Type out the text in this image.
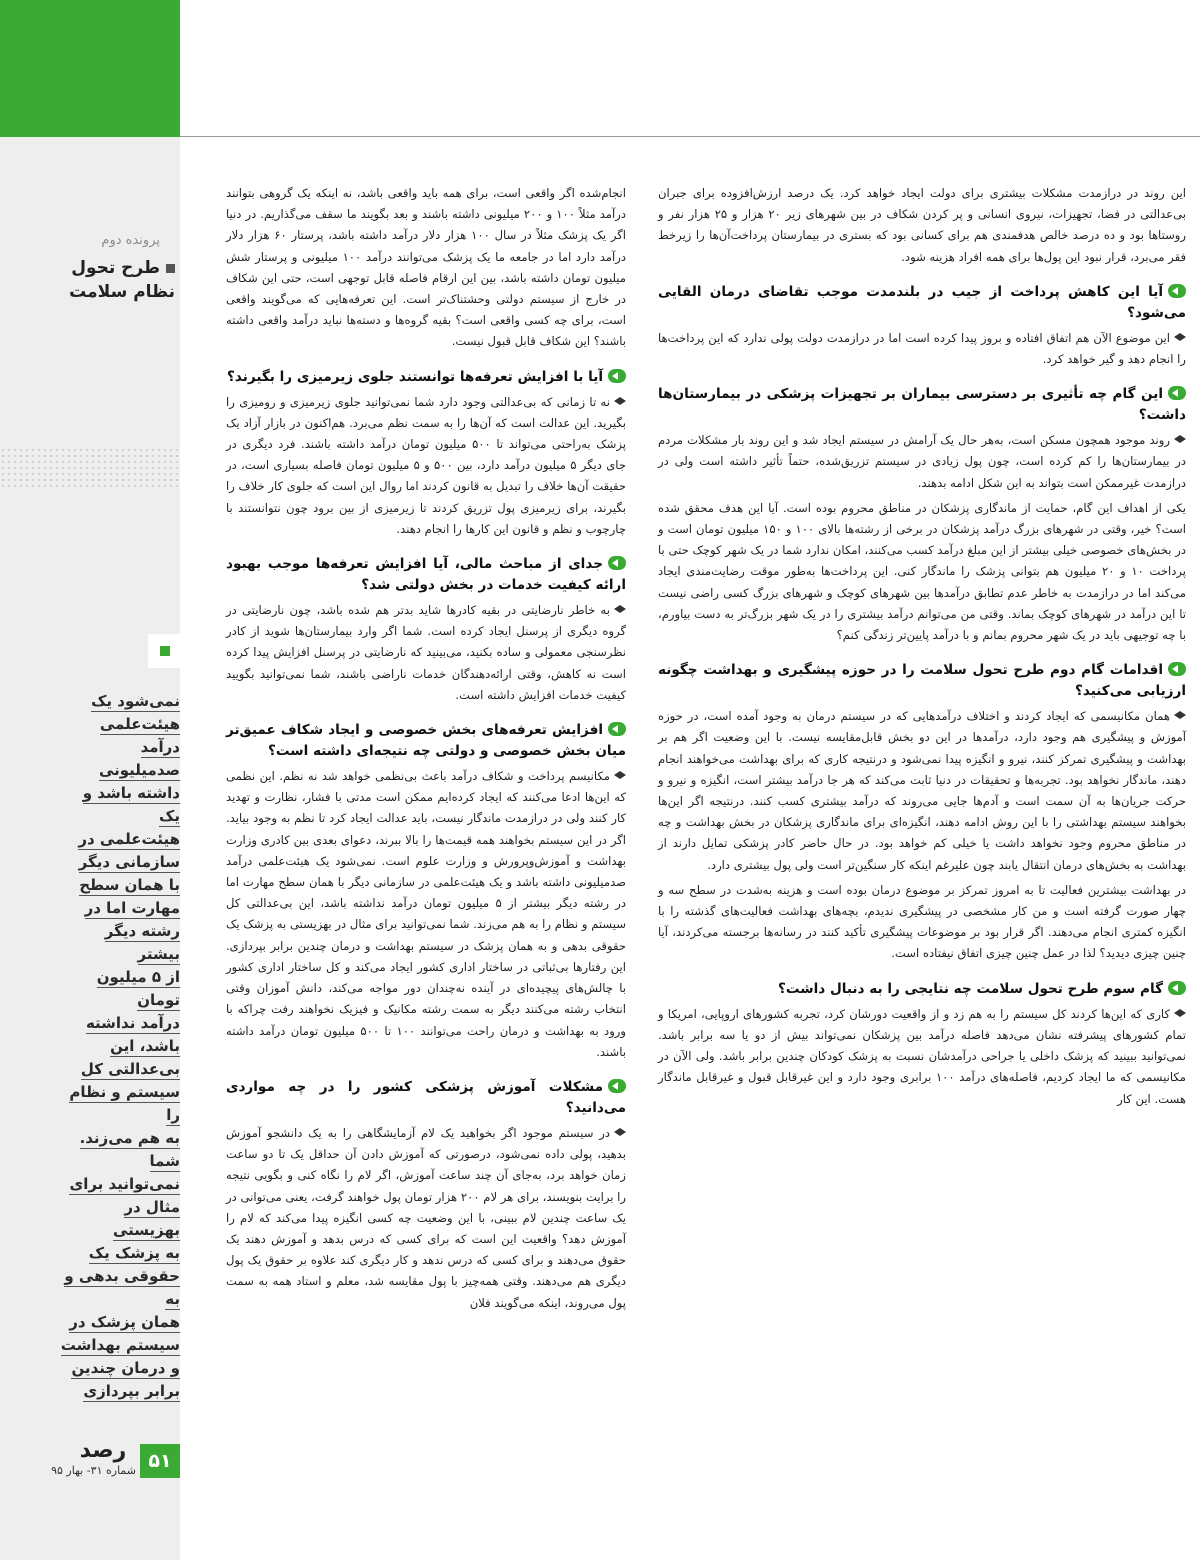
پرونده دوم
طرح تحول
نظام سلامت
نمی‌شود یک
هیئت‌علمی درآمد
صدمیلیونی
داشته باشد و یک
هیئت‌علمی در
سازمانی دیگر
با همان سطح
مهارت اما در
رشته دیگر بیشتر
از ۵ میلیون تومان
درآمد نداشته
باشد، این
بی‌عدالتی کل
سیستم و نظام را
به هم می‌زند. شما
نمی‌توانید برای
مثال در بهزیستی
به پزشک یک
حقوقی بدهی و به
همان پزشک در
سیستم بهداشت
و درمان چندین
برابر بپردازی
۵۱
رصد
شماره ۳۱- بهار ۹۵

این روند در درازمدت مشکلات بیشتری برای دولت ایجاد خواهد کرد. یک درصد ارزش‌افزوده برای جبران بی‌عدالتی در فضا، تجهیزات، نیروی انسانی و پر کردن شکاف در بین شهرهای زیر ۲۰ هزار و ۲۵ هزار نفر و روستاها بود و ده درصد خالص هدفمندی هم برای کسانی بود که بستری در بیمارستان پرداخت‌آن‌ها را زیرخط فقر می‌برد، قرار نبود این پول‌ها برای همه افراد هزینه شود.

آیا این کاهش پرداخت از جیب در بلندمدت موجب تقاضای درمان القایی می‌شود؟

این موضوع الآن هم اتفاق افتاده و بروز پیدا کرده است اما در درازمدت دولت پولی ندارد که این پرداخت‌ها را انجام دهد و گیر خواهد کرد.

این گام چه تأثیری بر دسترسی بیماران بر تجهیزات پزشکی در بیمارستان‌ها داشت؟

روند موجود همچون مسکن است، به‌هر حال یک آرامش در سیستم ایجاد شد و این روند بار مشکلات مردم در بیمارستان‌ها را کم کرده است، چون پول زیادی در سیستم تزریق‌شده، حتماً تأثیر داشته است ولی در درازمدت غیرممکن است بتواند به این شکل ادامه بدهند.

یکی از اهداف این گام، حمایت از ماندگاری پزشکان در مناطق محروم بوده است. آیا این هدف محقق شده است؟ خیر، وقتی در شهرهای بزرگ درآمد پزشکان در برخی از رشته‌ها بالای ۱۰۰ و ۱۵۰ میلیون تومان است و در بخش‌های خصوصی خیلی بیشتر از این مبلغ درآمد کسب می‌کنند، امکان ندارد شما در یک شهر کوچک حتی با پرداخت ۱۰ و ۲۰ میلیون هم بتوانی پزشک را ماندگار کنی. این پرداخت‌ها به‌طور موقت رضایت‌مندی ایجاد می‌کند اما در درازمدت به خاطر عدم تطابق درآمدها بین شهرهای کوچک و شهرهای بزرگ کسی راضی نیست تا این درآمد در شهرهای کوچک بماند. وقتی من می‌توانم درآمد بیشتری را در یک شهر بزرگ‌تر به دست بیاورم، با چه توجیهی باید در یک شهر محروم بمانم و با درآمد پایین‌تر زندگی کنم؟

اقدامات گام دوم طرح تحول سلامت را در حوزه پیشگیری و بهداشت چگونه ارزیابی می‌کنید؟

همان مکانیسمی که ایجاد کردند و اختلاف درآمدهایی که در سیستم درمان به وجود آمده است، در حوزه آموزش و پیشگیری هم وجود دارد، درآمدها در این دو بخش قابل‌مقایسه نیست. با این وضعیت اگر هم بر بهداشت و پیشگیری تمرکز کنند، نیرو و انگیزه پیدا نمی‌شود و درنتیجه کاری که برای بهداشت می‌خواهند انجام دهند، ماندگار نخواهد بود. تجربه‌ها و تحقیقات در دنیا ثابت می‌کند که هر جا درآمد بیشتر است، انگیزه و نیرو و حرکت جریان‌ها به آن سمت است و آدم‌ها جایی می‌روند که درآمد بیشتری کسب کنند. درنتیجه اگر این‌ها بخواهند سیستم بهداشتی را با این روش ادامه دهند، انگیزه‌ای برای ماندگاری پزشکان در بخش بهداشت و چه در مناطق محروم وجود نخواهد داشت یا خیلی کم خواهد بود. در حال حاضر کادر پزشکی تمایل دارند از بهداشت به بخش‌های درمان انتقال یابند چون علیرغم اینکه کار سنگین‌تر است ولی پول بیشتری دارد.

در بهداشت بیشترین فعالیت تا به امروز تمرکز بر موضوع درمان بوده است و هزینه به‌شدت در سطح سه و چهار صورت گرفته است و من کار مشخصی در پیشگیری ندیدم، بچه‌های بهداشت فعالیت‌های گذشته را با انگیزه کمتری انجام می‌دهند. اگر قرار بود بر موضوعات پیشگیری تأکید کنند در رسانه‌ها برجسته می‌کردند، آیا چنین چیزی دیدید؟ لذا در عمل چنین چیزی اتفاق نیفتاده است.

گام سوم طرح تحول سلامت چه نتایجی را به دنبال داشت؟

کاری که این‌ها کردند کل سیستم را به هم زد و از واقعیت دورشان کرد، تجربه کشورهای اروپایی، امریکا و تمام کشورهای پیشرفته نشان می‌دهد فاصله درآمد بین پزشکان نمی‌تواند بیش از دو یا سه برابر باشد. نمی‌توانید ببینید که پزشک داخلی یا جراحی درآمدشان نسبت به پزشک کودکان چندین برابر باشد. ولی الآن در مکانیسمی که ما ایجاد کردیم، فاصله‌های درآمد ۱۰۰ برابری وجود دارد و این غیرقابل قبول و غیرقابل ماندگار هست. این کار

انجام‌شده اگر واقعی است، برای همه باید واقعی باشد، نه اینکه یک گروهی بتوانند درآمد مثلاً ۱۰۰ و ۲۰۰ میلیونی داشته باشند و بعد بگویند ما سقف می‌گذاریم. در دنیا اگر یک پزشک مثلاً در سال ۱۰۰ هزار دلار درآمد داشته باشد، پرستار ۶۰ هزار دلار درآمد دارد اما در جامعه ما یک پزشک می‌توانند درآمد ۱۰۰ میلیونی و پرستار شش میلیون تومان داشته باشد، بین این ارقام فاصله قابل توجهی است، حتی این شکاف در خارج از سیستم دولتی وحشتناک‌تر است. این تعرفه‌هایی که می‌گویند واقعی است، برای چه کسی واقعی است؟ بقیه گروه‌ها و دسته‌ها نباید درآمد واقعی داشته باشند؟ این شکاف قابل قبول نیست.

آیا با افزایش تعرفه‌ها توانستند جلوی زیرمیزی را بگیرند؟

نه تا زمانی که بی‌عدالتی وجود دارد شما نمی‌توانید جلوی زیرمیزی و رومیزی را بگیرید. این عدالت است که آن‌ها را به سمت نظم می‌برد. هم‌اکنون در بازار آزاد یک پزشک به‌راحتی می‌تواند تا ۵۰۰ میلیون تومان درآمد داشته باشند. فرد دیگری در جای دیگر ۵ میلیون درآمد دارد، بین ۵۰۰ و ۵ میلیون تومان فاصله بسیاری است، در حقیقت آن‌ها خلاف را تبدیل به قانون کردند اما روال این است که جلوی کار خلاف را بگیرند، برای زیرمیزی پول تزریق کردند تا زیرمیزی از بین برود چون نتوانستند با چارچوب و نظم و قانون این کارها را انجام دهند.

جدای از مباحث مالی، آیا افزایش تعرفه‌ها موجب بهبود ارائه کیفیت خدمات در بخش دولتی شد؟

به خاطر نارضایتی در بقیه کادرها شاید بدتر هم شده باشد، چون نارضایتی در گروه دیگری از پرسنل ایجاد کرده است. شما اگر وارد بیمارستان‌ها شوید از کادر نظرسنجی معمولی و ساده بکنید، می‌بینید که نارضایتی در پرسنل افزایش پیدا کرده است نه کاهش، وقتی ارائه‌دهندگان خدمات ناراضی باشند، شما نمی‌توانید بگویید کیفیت خدمات افزایش داشته است.

افزایش تعرفه‌های بخش خصوصی و ایجاد شکاف عمیق‌تر میان بخش خصوصی و دولتی چه نتیجه‌ای داشته است؟

مکانیسم پرداخت و شکاف درآمد باعث بی‌نظمی خواهد شد نه نظم. این نظمی که این‌ها ادعا می‌کنند که ایجاد کرده‌ایم ممکن است مدتی با فشار، نظارت و تهدید کار کنند ولی در درازمدت ماندگار نیست، باید عدالت ایجاد کرد تا نظم به وجود بیاید. اگر در این سیستم بخواهند همه قیمت‌ها را بالا ببرند، دعوای بعدی بین کادری وزارت بهداشت و آموزش‌وپرورش و وزارت علوم است. نمی‌شود یک هیئت‌علمی درآمد صدمیلیونی داشته باشد و یک هیئت‌علمی در سازمانی دیگر با همان سطح مهارت اما در رشته دیگر بیشتر از ۵ میلیون تومان درآمد نداشته باشد، این بی‌عدالتی کل سیستم و نظام را به هم می‌زند. شما نمی‌توانید برای مثال در بهزیستی به پزشک یک حقوقی بدهی و به همان پزشک در سیستم بهداشت و درمان چندین برابر بپردازی. این رفتارها بی‌ثباتی در ساختار اداری کشور ایجاد می‌کند و کل ساختار اداری کشور با چالش‌های پیچیده‌ای در آینده نه‌چندان دور مواجه می‌کند، دانش آموزان وقتی انتخاب رشته می‌کنند دیگر به سمت رشته مکانیک و فیزیک نخواهند رفت چراکه با ورود به بهداشت و درمان راحت می‌توانند ۱۰۰ تا ۵۰۰ میلیون تومان درآمد داشته باشند.

مشکلات آموزش پزشکی کشور را در چه مواردی می‌دانید؟

در سیستم موجود اگر بخواهید یک لام آزمایشگاهی را به یک دانشجو آموزش بدهید، پولی داده نمی‌شود، درصورتی که آموزش دادن آن حداقل یک تا دو ساعت زمان خواهد برد، به‌جای آن چند ساعت آموزش، اگر لام را نگاه کنی و بگویی نتیجه را برایت بنویسند، برای هر لام ۲۰۰ هزار تومان پول خواهند گرفت، یعنی می‌توانی در یک ساعت چندین لام ببینی، با این وضعیت چه کسی انگیزه پیدا می‌کند که لام را آموزش دهد؟ واقعیت این است که برای کسی که درس بدهد و آموزش دهند یک حقوق می‌دهند و برای کسی که درس ندهد و کار دیگری کند علاوه بر حقوق یک پول دیگری هم می‌دهند. وقتی همه‌چیز با پول مقایسه شد، معلم و استاد همه به سمت پول می‌روند، اینکه می‌گویند فلان
